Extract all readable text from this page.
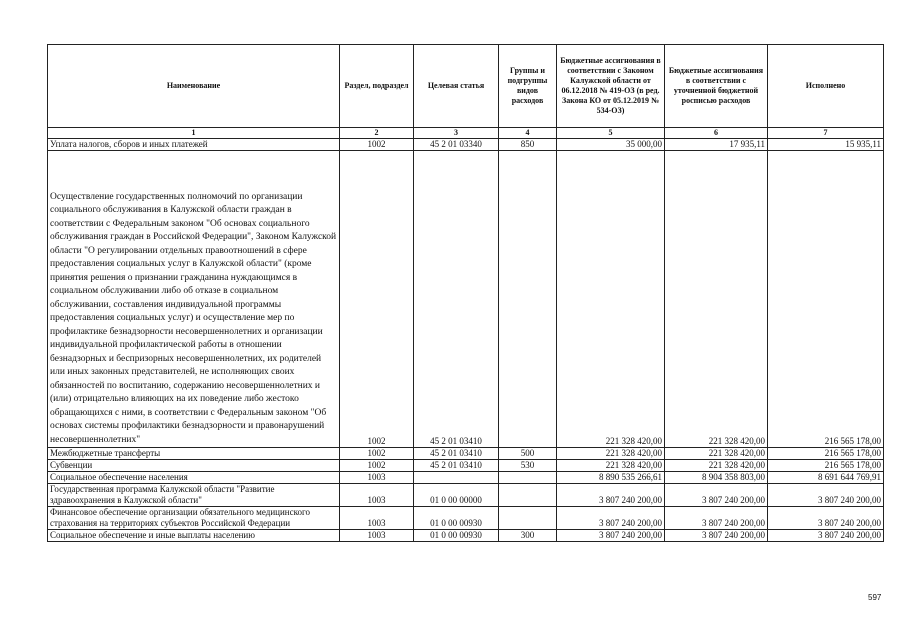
Наименование	Раздел, подраздел	Целевая статья	Группы и подгруппы видов расходов	Бюджетные ассигнования в соответствии с Законом Калужской области от 06.12.2018 № 419-ОЗ (в ред. Закона КО от 05.12.2019 № 534-ОЗ)	Бюджетные ассигнования в соответствии с уточненной бюджетной росписью расходов	Исполнено
1	2	3	4	5	6	7
Уплата налогов, сборов и иных платежей	1002	45 2 01 03340	850	35 000,00	17 935,11	15 935,11
Осуществление государственных полномочий по организации социального обслуживания в Калужской области граждан в соответствии с Федеральным законом "Об основах социального обслуживания граждан в Российской Федерации", Законом Калужской области "О регулировании отдельных правоотношений в сфере предоставления социальных услуг в Калужской области" (кроме принятия решения о признании гражданина нуждающимся в социальном обслуживании либо об отказе в социальном обслуживании, составления индивидуальной программы предоставления социальных услуг) и осуществление мер по профилактике безнадзорности несовершеннолетних и организации индивидуальной профилактической работы в отношении безнадзорных и беспризорных несовершеннолетних, их родителей или иных законных представителей, не исполняющих своих обязанностей по воспитанию, содержанию несовершеннолетних и (или) отрицательно влияющих на их поведение либо жестоко обращающихся с ними, в соответствии с Федеральным законом "Об основах системы профилактики безнадзорности и правонарушений несовершеннолетних"	1002	45 2 01 03410		221 328 420,00	221 328 420,00	216 565 178,00
Межбюджетные трансферты	1002	45 2 01 03410	500	221 328 420,00	221 328 420,00	216 565 178,00
Субвенции	1002	45 2 01 03410	530	221 328 420,00	221 328 420,00	216 565 178,00
Социальное обеспечение населения	1003			8 890 535 266,61	8 904 358 803,00	8 691 644 769,91
Государственная программа Калужской области "Развитие здравоохранения в Калужской области"	1003	01 0 00 00000		3 807 240 200,00	3 807 240 200,00	3 807 240 200,00
Финансовое обеспечение организации обязательного медицинского страхования на территориях субъектов Российской Федерации	1003	01 0 00 00930		3 807 240 200,00	3 807 240 200,00	3 807 240 200,00
Социальное обеспечение и иные выплаты населению	1003	01 0 00 00930	300	3 807 240 200,00	3 807 240 200,00	3 807 240 200,00
597
